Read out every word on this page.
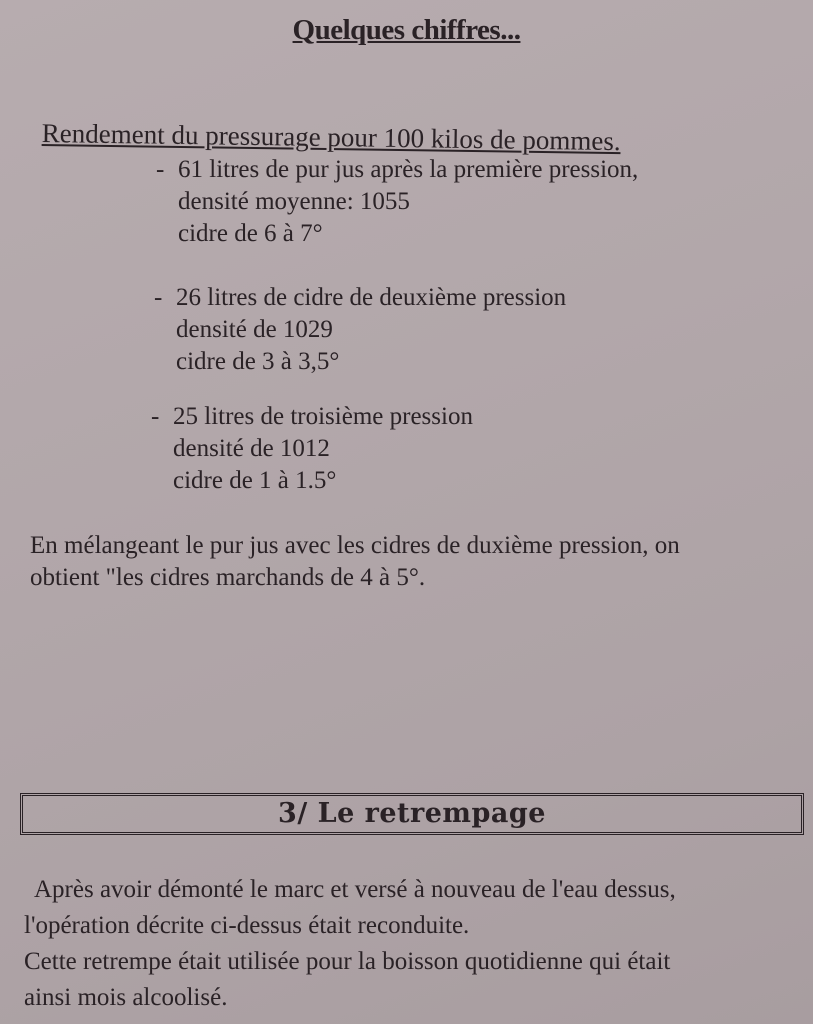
Quelques chiffres...
Rendement du pressurage pour 100 kilos de pommes.
- 61 litres de pur jus après la première pression,
densité moyenne: 1055
cidre de 6 à 7°
- 26 litres de cidre de deuxième pression
densité de 1029
cidre de 3 à 3,5°
- 25 litres de troisième pression
densité de 1012
cidre de 1 à 1.5°
En mélangeant le pur jus avec les cidres de duxième pression, on
obtient "les cidres marchands de 4 à 5°.
3/ Le retrempage
Après avoir démonté le marc et versé à nouveau de l'eau dessus,
l'opération décrite ci-dessus était reconduite.
Cette retrempe était utilisée pour la boisson quotidienne qui était
ainsi mois alcoolisé.
